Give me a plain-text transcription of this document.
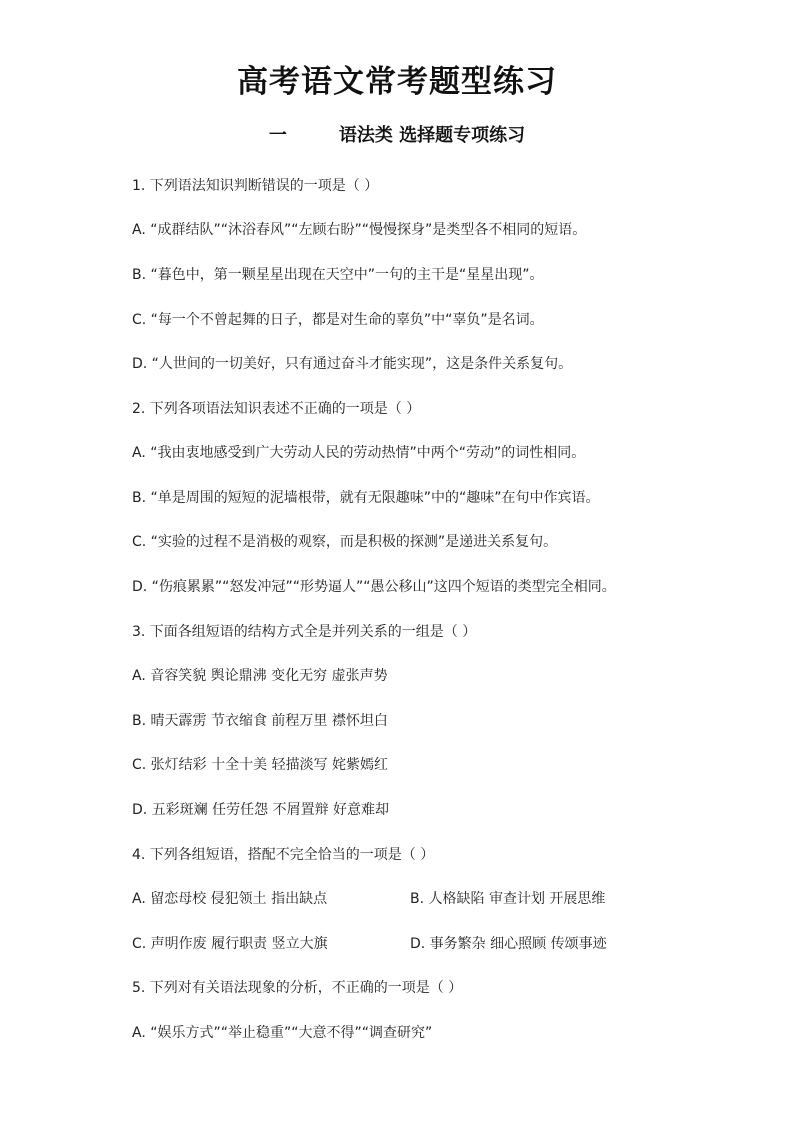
高考语文常考题型练习
一	语法类 选择题专项练习
1. 下列语法知识判断错误的一项是（ ）
A. “成群结队”“沐浴春风”“左顾右盼”“慢慢探身”是类型各不相同的短语。
B. “暮色中，第一颗星星出现在天空中”一句的主干是“星星出现”。
C. “每一个不曾起舞的日子，都是对生命的辜负”中“辜负”是名词。
D. “人世间的一切美好，只有通过奋斗才能实现”，这是条件关系复句。
2. 下列各项语法知识表述不正确的一项是（ ）
A. “我由衷地感受到广大劳动人民的劳动热情”中两个“劳动”的词性相同。
B. “单是周围的短短的泥墙根带，就有无限趣味”中的“趣味”在句中作宾语。
C. “实验的过程不是消极的观察，而是积极的探测”是递进关系复句。
D. “伤痕累累”“怒发冲冠”“形势逼人”“愚公移山”这四个短语的类型完全相同。
3. 下面各组短语的结构方式全是并列关系的一组是（ ）
A. 音容笑貌 舆论鼎沸 变化无穷 虚张声势
B. 晴天霹雳 节衣缩食 前程万里 襟怀坦白
C. 张灯结彩 十全十美 轻描淡写 姹紫嫣红
D. 五彩斑斓 任劳任怨 不屑置辩 好意难却
4. 下列各组短语，搭配不完全恰当的一项是（ ）
A. 留恋母校 侵犯领土 指出缺点	B. 人格缺陷 审查计划 开展思维
C. 声明作废 履行职责 竖立大旗	D. 事务繁杂 细心照顾 传颂事迹
5. 下列对有关语法现象的分析，不正确的一项是（ ）
A. “娱乐方式”“举止稳重”“大意不得”“调查研究”
